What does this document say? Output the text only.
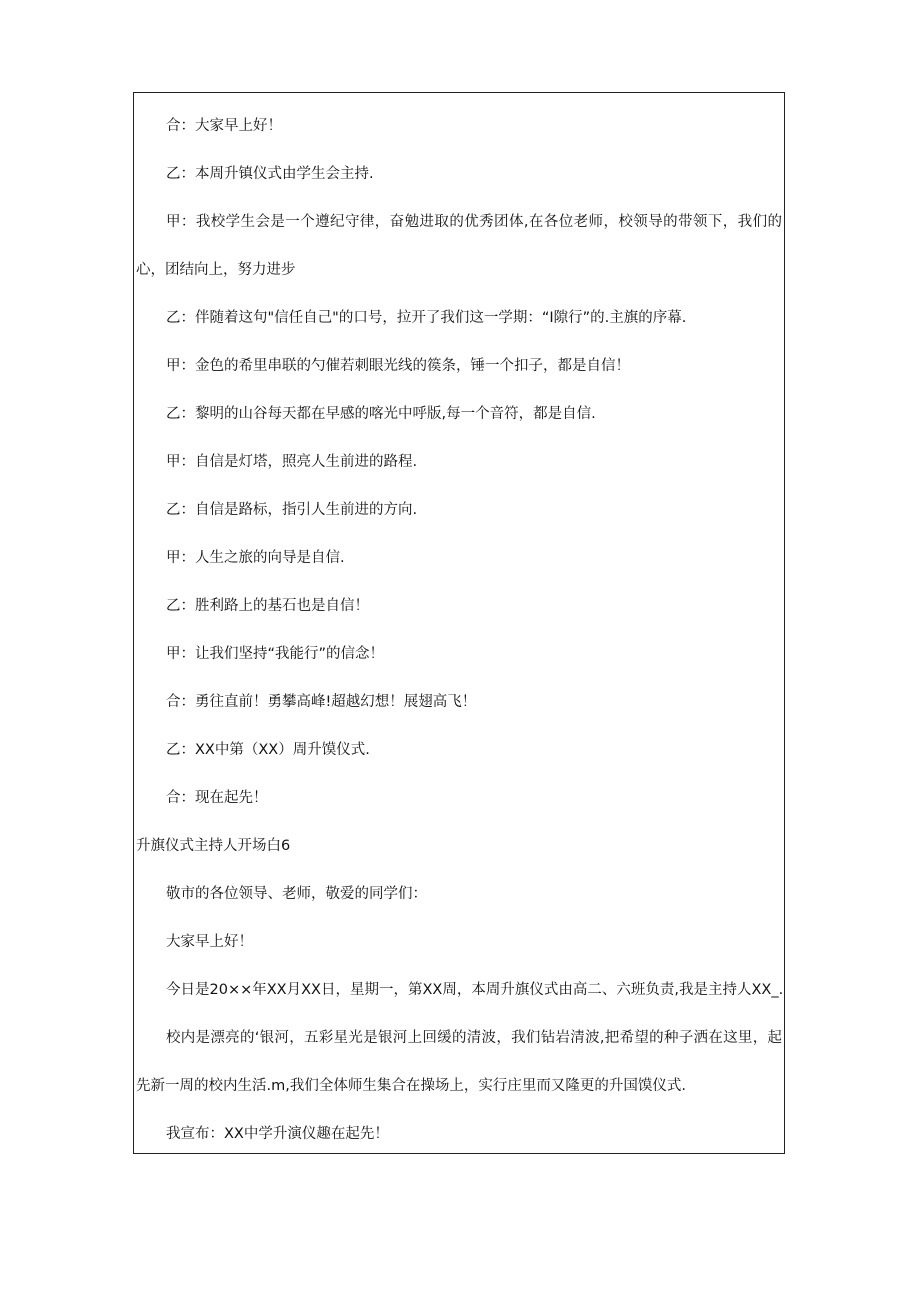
合：大家早上好！
乙：本周升镇仪式由学生会主持.
甲：我校学生会是一个遵纪守律，奋勉进取的优秀团体,在各位老师，校领导的带领下，我们的
心，团结向上，努力进步
乙：伴随着这句"信任自己"的口号，拉开了我们这一学期：“I隙行”的.主旗的序幕.
甲：金色的希里串联的勺催若刺眼光线的篌条，锤一个扣子，都是自信！
乙：黎明的山谷每天都在早感的喀光中呼版,每一个音符，都是自信.
甲：自信是灯塔，照亮人生前进的路程.
乙：自信是路标，指引人生前进的方向.
甲：人生之旅的向导是自信.
乙：胜利路上的基石也是自信！
甲：让我们坚持“我能行”的信念！
合：勇往直前！勇攀高峰!超越幻想！展翅高飞！
乙：XX中第（XX）周升馍仪式.
合：现在起先！
升旗仪式主持人开场白6
敬市的各位领导、老师，敬爱的同学们：
大家早上好！
今日是20××年XX月XX日，星期一，第XX周，本周升旗仪式由高二、六班负责,我是主持人XX_.
校内是漂亮的‘银河，五彩星光是银河上回缓的清波，我们钻岩清波,把希望的种子洒在这里，起
先新一周的校内生活.m,我们全体师生集合在操场上，实行庄里而又隆更的升国馍仪式.
我宣布：XX中学升演仪趣在起先！
